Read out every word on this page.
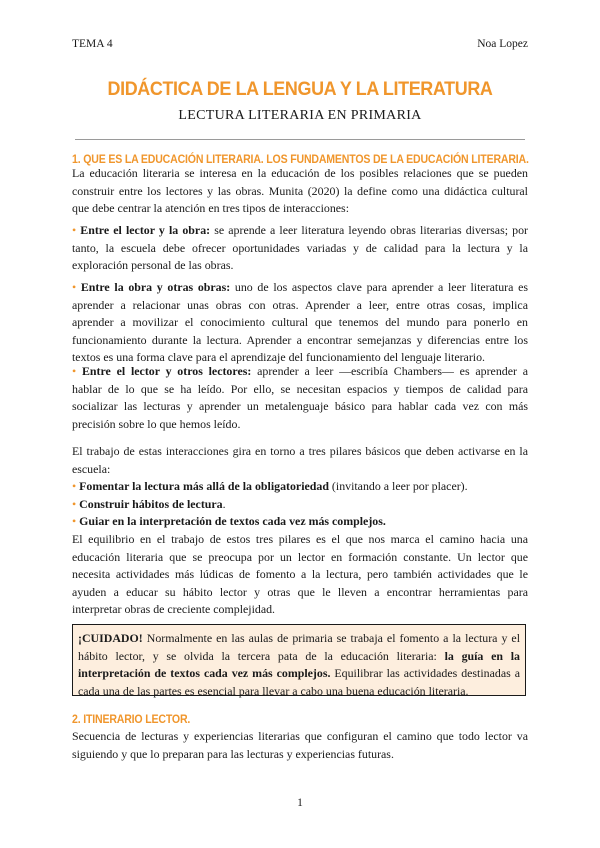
TEMA 4	Noa Lopez
DIDÁCTICA DE LA LENGUA Y LA LITERATURA
LECTURA LITERARIA EN PRIMARIA
1. QUE ES LA EDUCACIÓN LITERARIA. LOS FUNDAMENTOS DE LA EDUCACIÓN LITERARIA.
La educación literaria se interesa en la educación de los posibles relaciones que se pueden
construir entre los lectores y las obras. Munita (2020) la define como una didáctica cultural
que debe centrar la atención en tres tipos de interacciones:
• Entre el lector y la obra: se aprende a leer literatura leyendo obras literarias diversas; por
tanto, la escuela debe ofrecer oportunidades variadas y de calidad para la lectura y la
exploración personal de las obras.
• Entre la obra y otras obras: uno de los aspectos clave para aprender a leer literatura es
aprender a relacionar unas obras con otras. Aprender a leer, entre otras cosas, implica
aprender a movilizar el conocimiento cultural que tenemos del mundo para ponerlo en
funcionamiento durante la lectura. Aprender a encontrar semejanzas y diferencias entre los
textos es una forma clave para el aprendizaje del funcionamiento del lenguaje literario.
• Entre el lector y otros lectores: aprender a leer —escribía Chambers— es aprender a
hablar de lo que se ha leído. Por ello, se necesitan espacios y tiempos de calidad para
socializar las lecturas y aprender un metalenguaje básico para hablar cada vez con más
precisión sobre lo que hemos leído.
El trabajo de estas interacciones gira en torno a tres pilares básicos que deben activarse en la
escuela:
• Fomentar la lectura más allá de la obligatoriedad (invitando a leer por placer).
• Construir hábitos de lectura.
• Guiar en la interpretación de textos cada vez más complejos.
El equilibrio en el trabajo de estos tres pilares es el que nos marca el camino hacia una
educación literaria que se preocupa por un lector en formación constante. Un lector que
necesita actividades más lúdicas de fomento a la lectura, pero también actividades que le
ayuden a educar su hábito lector y otras que le lleven a encontrar herramientas para
interpretar obras de creciente complejidad.
¡CUIDADO! Normalmente en las aulas de primaria se trabaja el fomento a la lectura y el
hábito lector, y se olvida la tercera pata de la educación literaria: la guía en la
interpretación de textos cada vez más complejos. Equilibrar las actividades destinadas a
cada una de las partes es esencial para llevar a cabo una buena educación literaria.
2. ITINERARIO LECTOR.
Secuencia de lecturas y experiencias literarias que configuran el camino que todo lector va
siguiendo y que lo preparan para las lecturas y experiencias futuras.
1
